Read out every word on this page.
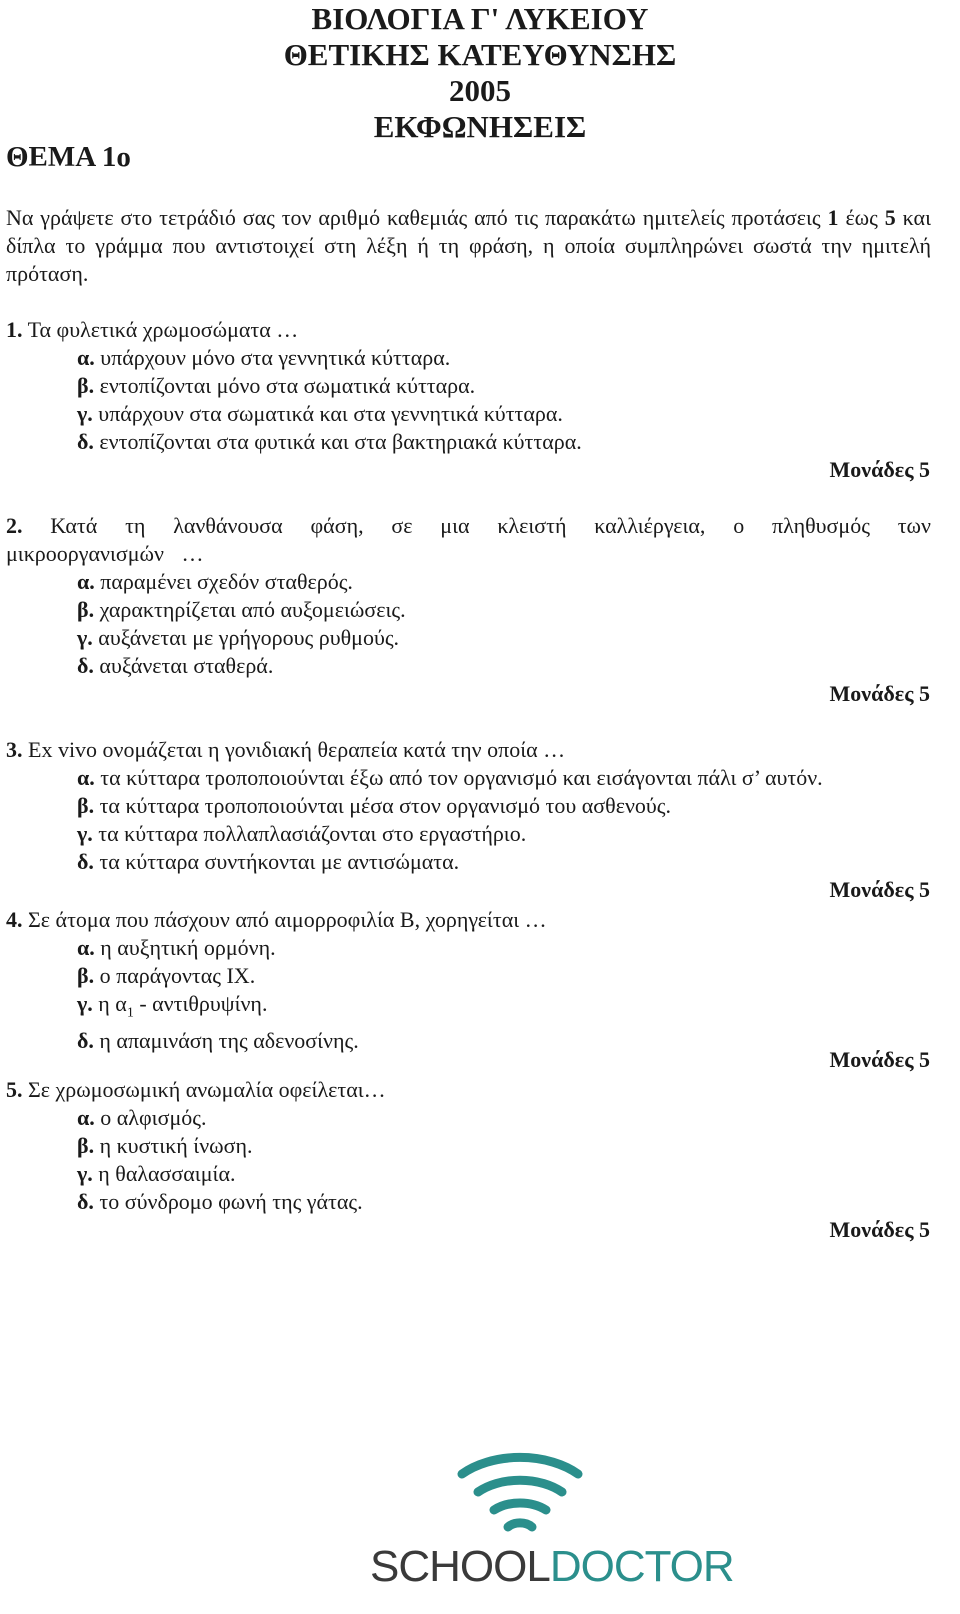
ΒΙΟΛΟΓΙΑ Γ' ΛΥΚΕΙΟΥ
ΘΕΤΙΚΗΣ ΚΑΤΕΥΘΥΝΣΗΣ
2005
ΕΚΦΩΝΗΣΕΙΣ
ΘΕΜΑ 1ο

Να γράψετε στο τετράδιό σας τον αριθμό καθεμιάς από τις παρακάτω ημιτελείς προτάσεις 1 έως 5 και δίπλα το γράμμα που αντιστοιχεί στη λέξη ή τη φράση, η οποία συμπληρώνει σωστά την ημιτελή πρόταση.

1. Τα φυλετικά χρωμοσώματα …
α. υπάρχουν μόνο στα γεννητικά κύτταρα.
β. εντοπίζονται μόνο στα σωματικά κύτταρα.
γ. υπάρχουν στα σωματικά και στα γεννητικά κύτταρα.
δ. εντοπίζονται στα φυτικά και στα βακτηριακά κύτταρα.
Μονάδες 5
2. Κατά τη λανθάνουσα φάση, σε μια κλειστή καλλιέργεια, ο πληθυσμός των μικροοργανισμών …
α. παραμένει σχεδόν σταθερός.
β. χαρακτηρίζεται από αυξομειώσεις.
γ. αυξάνεται με γρήγορους ρυθμούς.
δ. αυξάνεται σταθερά.
Μονάδες 5
3. Ex vivo ονομάζεται η γονιδιακή θεραπεία κατά την οποία …
α. τα κύτταρα τροποποιούνται έξω από τον οργανισμό και εισάγονται πάλι σ’ αυτόν.
β. τα κύτταρα τροποποιούνται μέσα στον οργανισμό του ασθενούς.
γ. τα κύτταρα πολλαπλασιάζονται στο εργαστήριο.
δ. τα κύτταρα συντήκονται με αντισώματα.
Μονάδες 5
4. Σε άτομα που πάσχουν από αιμορροφιλία Β, χορηγείται …
α. η αυξητική ορμόνη.
β. ο παράγοντας IX.
γ. η $\alpha_1$ - αντιθρυψίνη.
δ. η απαμινάση της αδενοσίνης.
Μονάδες 5
5. Σε χρωμοσωμική ανωμαλία οφείλεται…
α. ο αλφισμός.
β. η κυστική ίνωση.
γ. η θαλασσαιμία.
δ. το σύνδρομο φωνή της γάτας.
Μονάδες 5
SCHOOLDOCTOR
